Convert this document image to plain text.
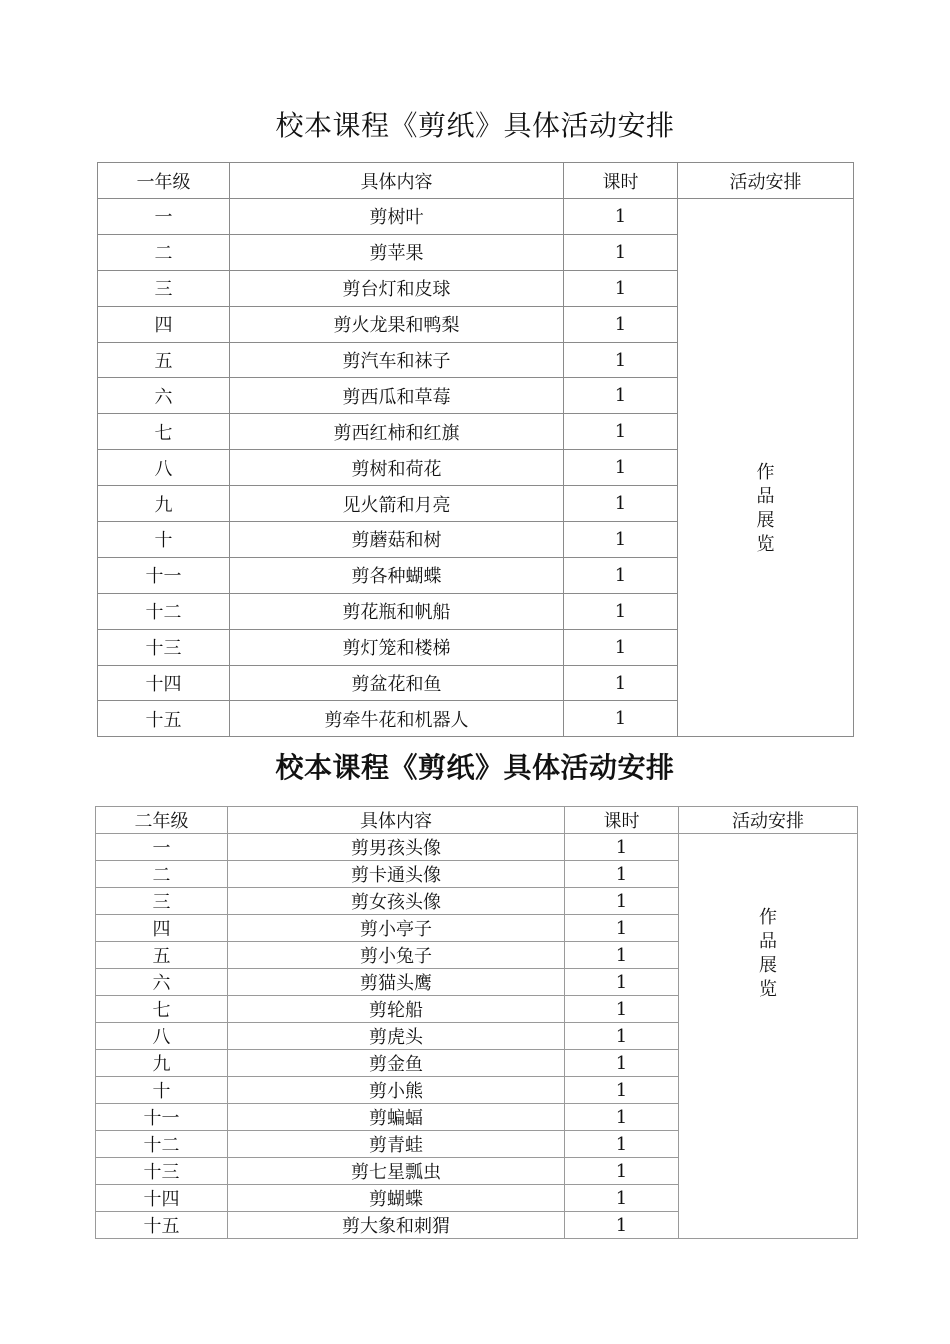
校本课程《剪纸》具体活动安排
一年级	具体内容	课时	活动安排
一	剪树叶	1	作
品
展
览

二	剪苹果	1	
三	剪台灯和皮球	1	
四	剪火龙果和鸭梨	1	
五	剪汽车和袜子	1	
六	剪西瓜和草莓	1	
七	剪西红柿和红旗	1	
八	剪树和荷花	1	
九	见火箭和月亮	1	
十	剪蘑菇和树	1	
十一	剪各种蝴蝶	1	
十二	剪花瓶和帆船	1	
十三	剪灯笼和楼梯	1	
十四	剪盆花和鱼	1	
十五	剪牵牛花和机器人	1	
校本课程《剪纸》具体活动安排
二年级	具体内容	课时	活动安排
一	剪男孩头像	1	作
品
展
览

二	剪卡通头像	1	
三	剪女孩头像	1	
四	剪小亭子	1	
五	剪小兔子	1	
六	剪猫头鹰	1	
七	剪轮船	1	
八	剪虎头	1	
九	剪金鱼	1	
十	剪小熊	1	
十一	剪蝙蝠	1	
十二	剪青蛙	1	
十三	剪七星瓢虫	1	
十四	剪蝴蝶	1	
十五	剪大象和刺猬	1	
